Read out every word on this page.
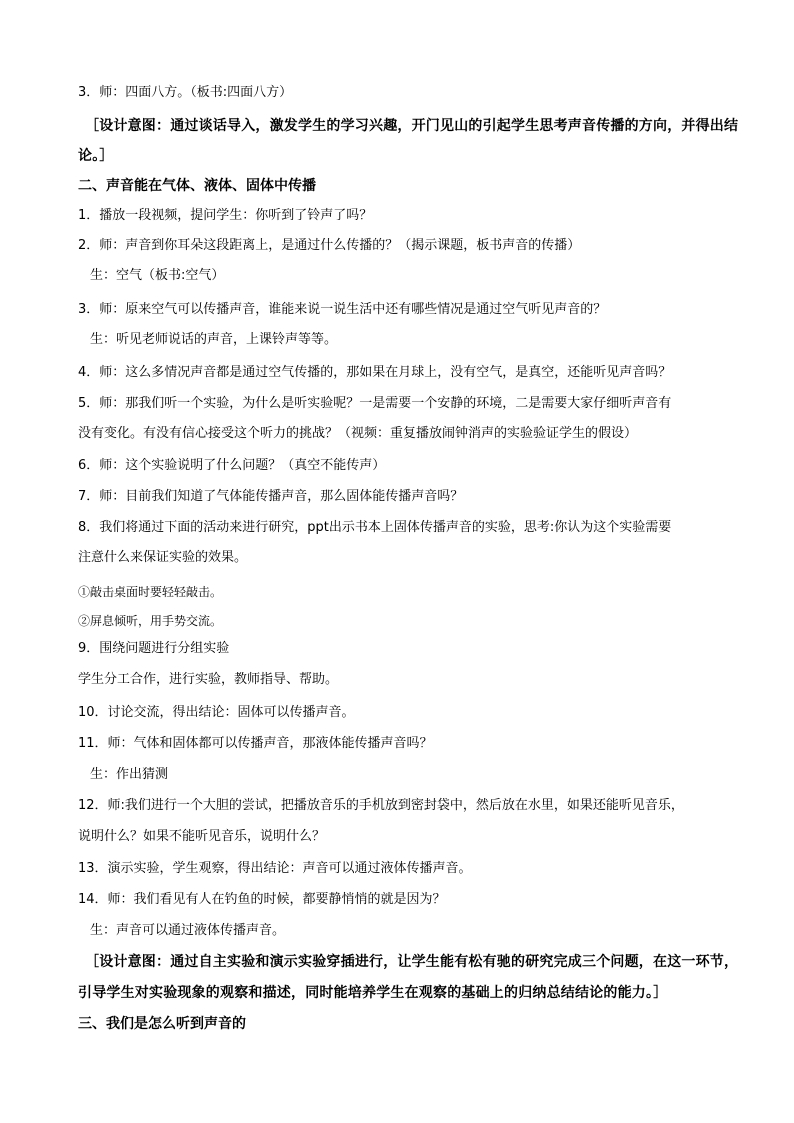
3．师：四面八方。（板书:四面八方）
［设计意图：通过谈话导入，激发学生的学习兴趣，开门见山的引起学生思考声音传播的方向，并得出结
论。］
二、声音能在气体、液体、固体中传播
1．播放一段视频，提问学生：你听到了铃声了吗？
2．师：声音到你耳朵这段距离上，是通过什么传播的？（揭示课题，板书声音的传播）
生：空气（板书:空气）
3．师：原来空气可以传播声音，谁能来说一说生活中还有哪些情况是通过空气听见声音的？
生：听见老师说话的声音，上课铃声等等。
4．师：这么多情况声音都是通过空气传播的，那如果在月球上，没有空气，是真空，还能听见声音吗？
5．师：那我们听一个实验，为什么是听实验呢？一是需要一个安静的环境，二是需要大家仔细听声音有
没有变化。有没有信心接受这个听力的挑战？（视频：重复播放闹钟消声的实验验证学生的假设）
6．师：这个实验说明了什么问题？（真空不能传声）
7．师：目前我们知道了气体能传播声音，那么固体能传播声音吗？
8．我们将通过下面的活动来进行研究，ppt出示书本上固体传播声音的实验，思考:你认为这个实验需要
注意什么来保证实验的效果。
①敲击桌面时要轻轻敲击。
②屏息倾听，用手势交流。
9．围绕问题进行分组实验
学生分工合作，进行实验，教师指导、帮助。
10．讨论交流，得出结论：固体可以传播声音。
11．师：气体和固体都可以传播声音，那液体能传播声音吗？
生：作出猜测
12．师:我们进行一个大胆的尝试，把播放音乐的手机放到密封袋中，然后放在水里，如果还能听见音乐，
说明什么？如果不能听见音乐，说明什么？
13．演示实验，学生观察，得出结论：声音可以通过液体传播声音。
14．师：我们看见有人在钓鱼的时候，都要静悄悄的就是因为？
生：声音可以通过液体传播声音。
［设计意图：通过自主实验和演示实验穿插进行，让学生能有松有驰的研究完成三个问题，在这一环节，
引导学生对实验现象的观察和描述，同时能培养学生在观察的基础上的归纳总结结论的能力。］
三、我们是怎么听到声音的
